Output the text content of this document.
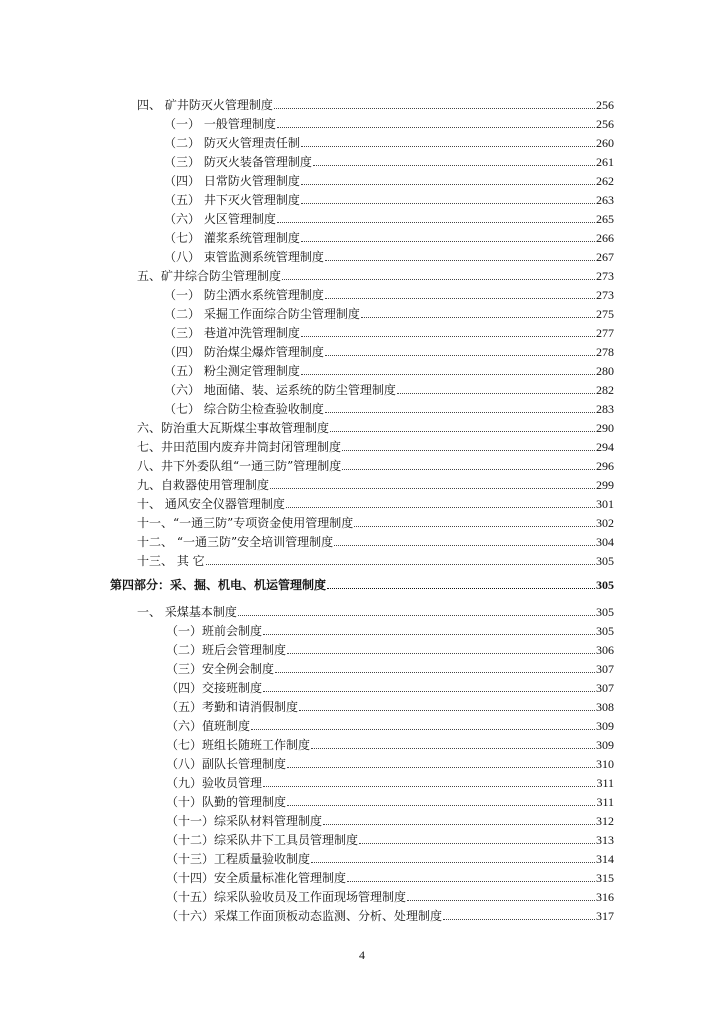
四、 矿井防灭火管理制度	256
（一） 一般管理制度	256
（二） 防灭火管理责任制	260
（三） 防灭火装备管理制度	261
（四） 日常防火管理制度	262
（五） 井下灭火管理制度	263
（六） 火区管理制度	265
（七） 灌浆系统管理制度	266
（八） 束管监测系统管理制度	267
五、矿井综合防尘管理制度	273
（一） 防尘洒水系统管理制度	273
（二） 采掘工作面综合防尘管理制度	275
（三） 巷道冲洗管理制度	277
（四） 防治煤尘爆炸管理制度	278
（五） 粉尘测定管理制度	280
（六） 地面储、装、运系统的防尘管理制度	282
（七） 综合防尘检查验收制度	283
六、防治重大瓦斯煤尘事故管理制度	290
七、井田范围内废弃井筒封闭管理制度	294
八、井下外委队组“一通三防”管理制度	296
九、自救器使用管理制度	299
十、 通风安全仪器管理制度	301
十一、“一通三防”专项资金使用管理制度	302
十二、 “一通三防”安全培训管理制度	304
十三、 其 它	305
第四部分：采、掘、机电、机运管理制度	305
一、 采煤基本制度	305
（一）班前会制度	305
（二）班后会管理制度	306
（三）安全例会制度	307
（四）交接班制度	307
（五）考勤和请消假制度	308
（六）值班制度	309
（七）班组长随班工作制度	309
（八）副队长管理制度	310
（九）验收员管理	311
（十）队勤的管理制度	311
（十一）综采队材料管理制度	312
（十二）综采队井下工具员管理制度	313
（十三）工程质量验收制度	314
（十四）安全质量标准化管理制度	315
（十五）综采队验收员及工作面现场管理制度	316
（十六）采煤工作面顶板动态监测、分析、处理制度	317
4
